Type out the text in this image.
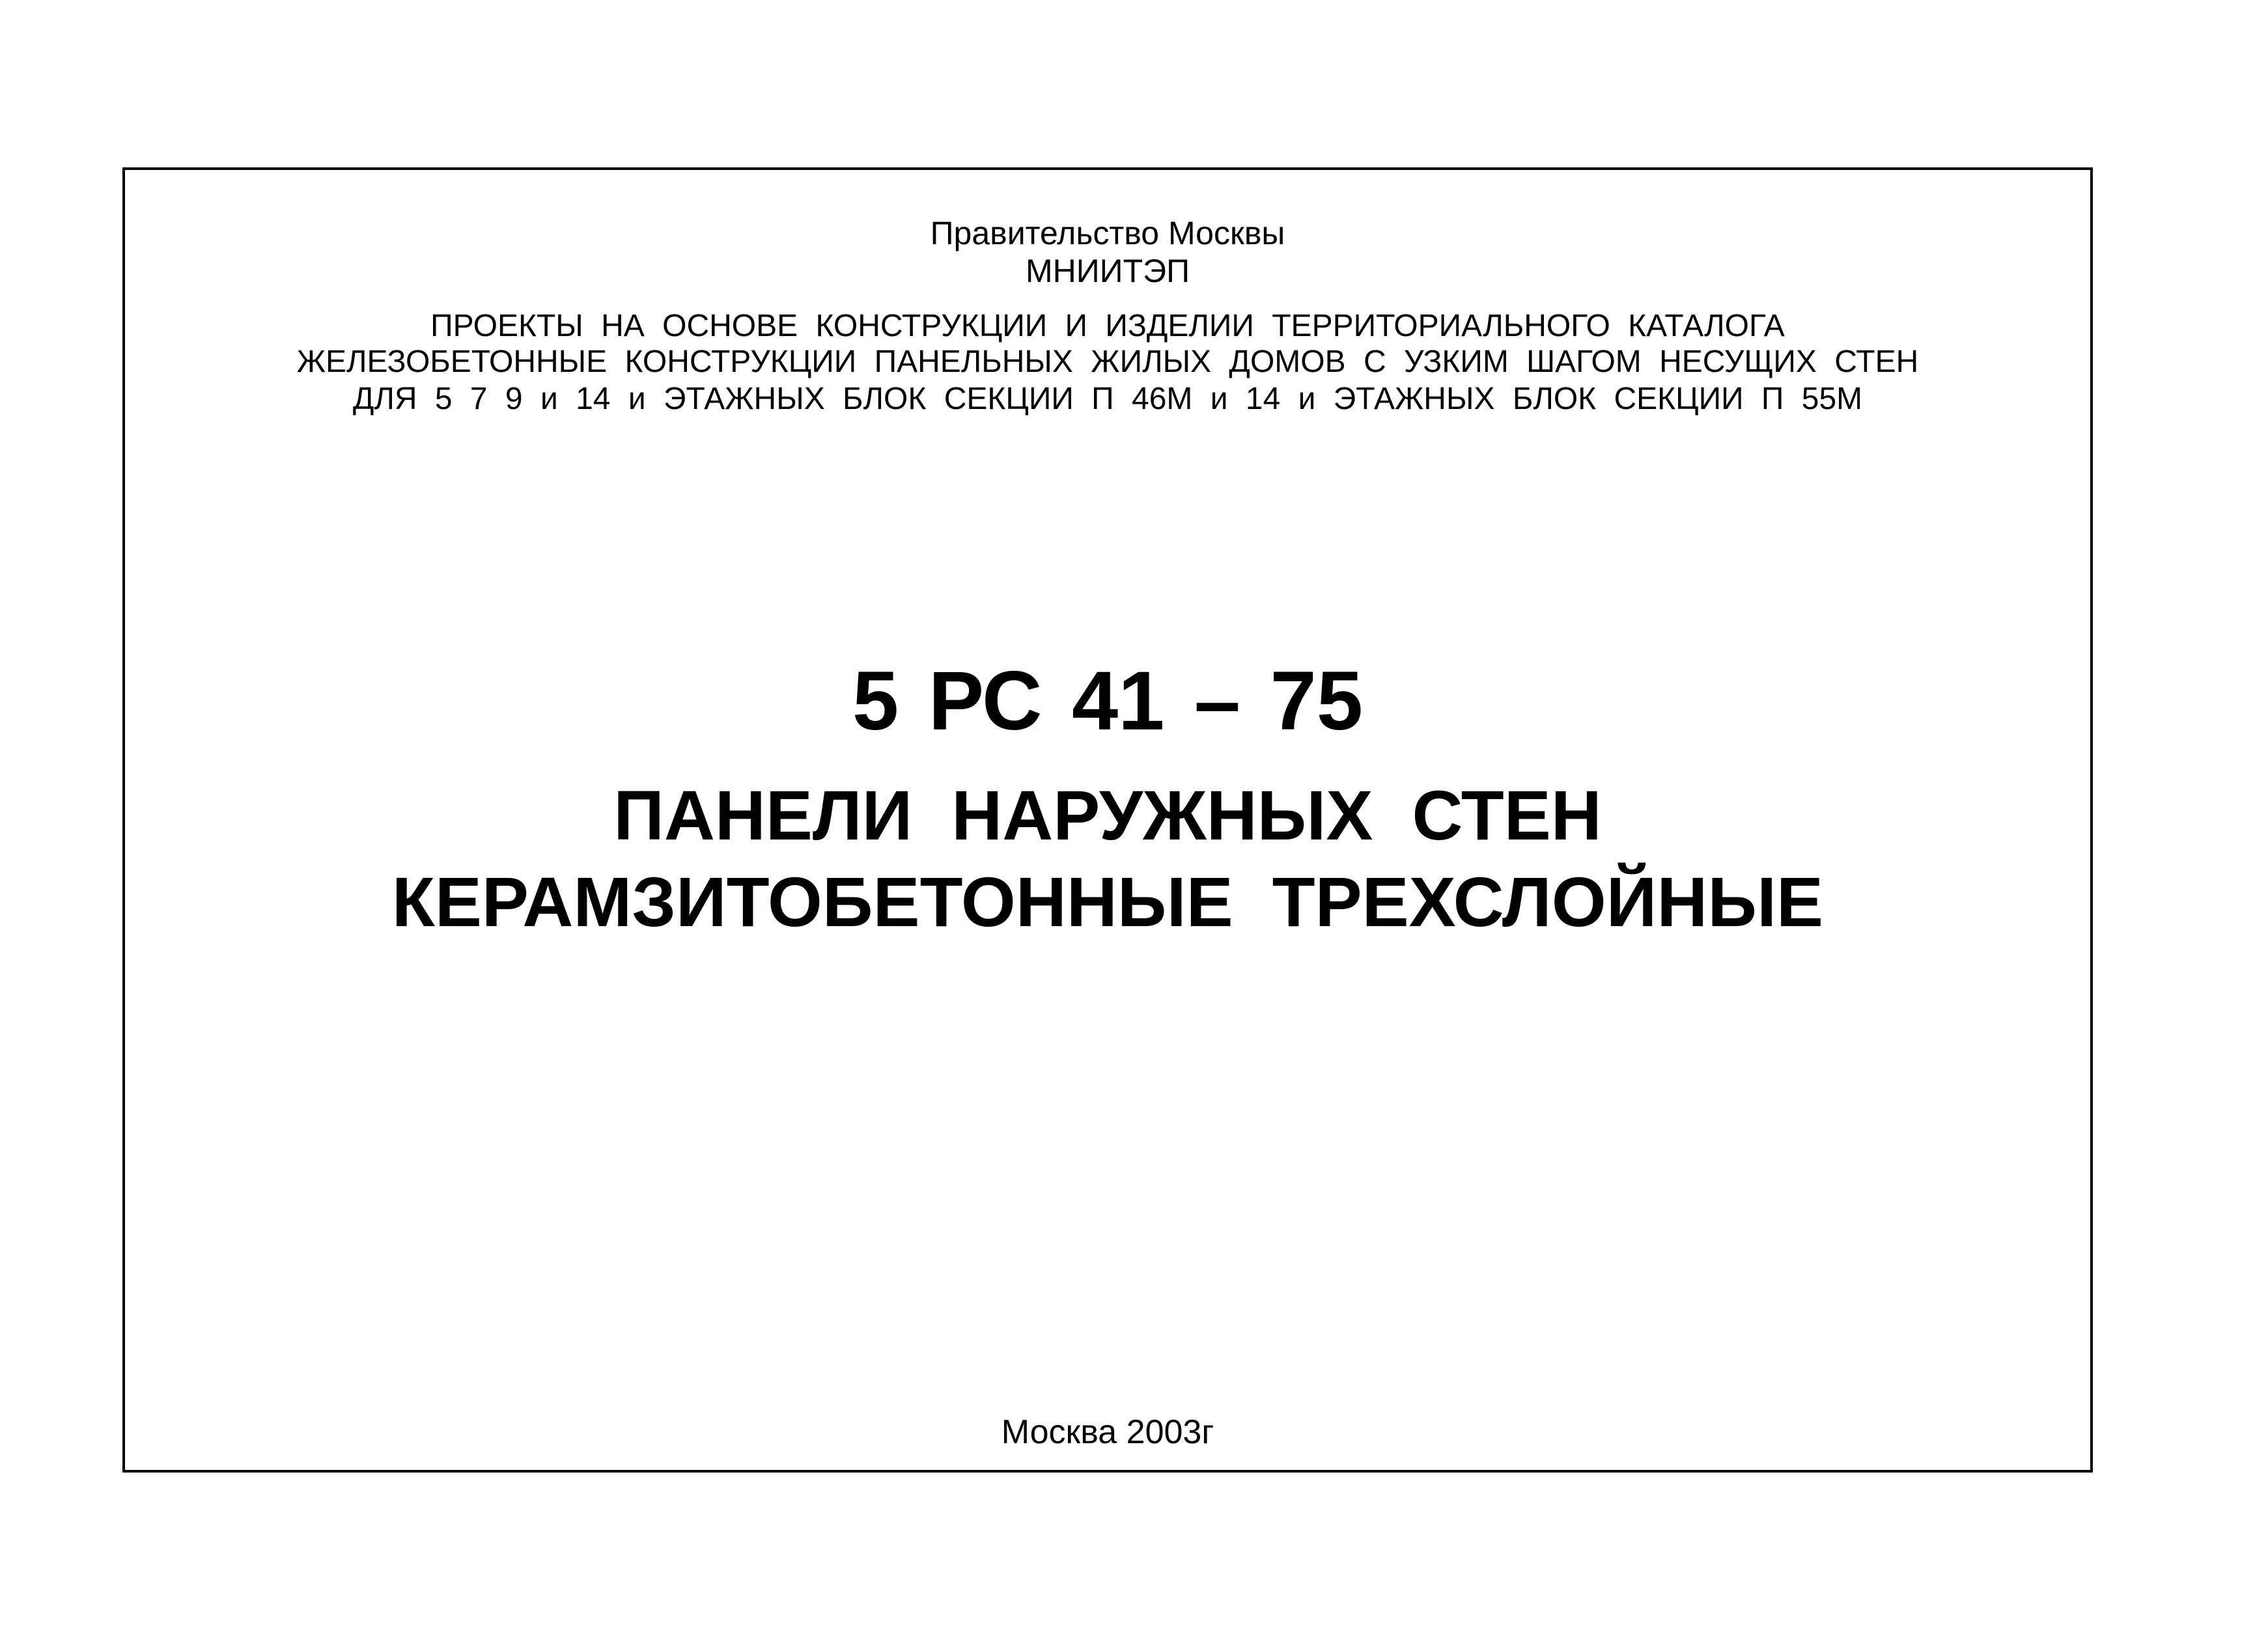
Правительство Москвы
МНИИТЭП
ПРОЕКТЫ НА ОСНОВЕ КОНСТРУКЦИИ И ИЗДЕЛИИ ТЕРРИТОРИАЛЬНОГО КАТАЛОГА
ЖЕЛЕЗОБЕТОННЫЕ КОНСТРУКЦИИ ПАНЕЛЬНЫХ ЖИЛЫХ ДОМОВ С УЗКИМ ШАГОМ НЕСУЩИХ СТЕН
ДЛЯ 5 7 9 и 14 и ЭТАЖНЫХ БЛОК СЕКЦИИ П 46М и 14 и ЭТАЖНЫХ БЛОК СЕКЦИИ П 55М
5 РС 41 – 75
ПАНЕЛИ НАРУЖНЫХ СТЕН
КЕРАМЗИТОБЕТОННЫЕ ТРЕХСЛОЙНЫЕ
Москва 2003г
